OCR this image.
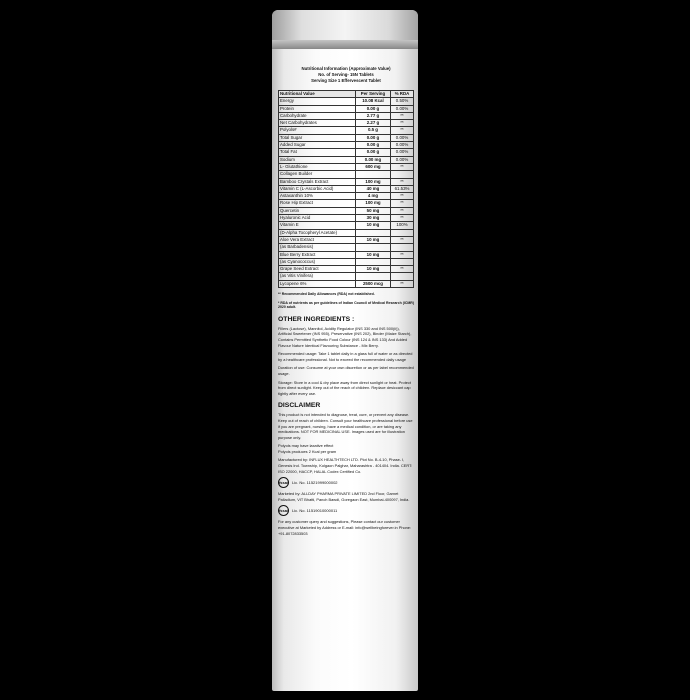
Nutritional Information (Approximate Value)

No. of Serving- 15N Tablets

Serving Size 1 Effervescent Tablet

Nutritional Value	Per Serving	% RDA
Energy	10.08 Kcal	0.50%
Protein	0.00 g	0.00%
Carbohydrate	2.77 g	**
Net Carbohydrates	2.27 g	**
Polyols#	0.5 g	**
Total Sugar	0.00 g	0.00%
Added Sugar	0.00 g	0.00%
Total Fat	0.00 g	0.00%
Sodium	0.00 mg	0.00%
L- Glutathione	600 mg	**
Collagen Builder		
Bamboo Crystals Extract	100 mg	**
Vitamin C (L-Ascorbic Acid)	40 mg	61.53%
Astaxanthin 10%	4 mg	**
Rose Hip Extract	100 mg	**
Quercetin	50 mg	**
Hyaluronic Acid	30 mg	**
Vitamin E	10 mg	100%
(D-Alpha Tocopheryl Acetate)		
Aloe Vera Extract	10 mg	**
(as Barbadensis)		
Blue Berry Extract	10 mg	**
(as Cyanococcus)		
Grape Seed Extract	10 mg	**
(as Vitis Vinifera)		
Lycopene 6%	2500 mcg	**

** Recommended Daily Allowances (RDA) not established.

* RDA of nutrients as per guidelines of Indian Council of Medical Research (ICMR) 2020 adult.

OTHER INGREDIENTS :

Fillers (Lactose), Mannitol, Acidity Regulator (INS 330 and INS 500(ii)), Artificial Sweetener (INS 955), Preservative (INS 202), Binder (Maize Starch), Contains Permitted Synthetic Food Colour (INS 124 & INS 133) And Added Flavour Nature Identical Flavouring Substance - Mix Berry.

Recommended usage: Take 1 tablet daily in a glass full of water or as directed by a healthcare professional. Not to exceed the recommended daily usage

Duration of use: Consume at your own discretion or as per label recommended usage.

Storage: Store in a cool & dry place away from direct sunlight or heat. Protect from direct sunlight. Keep out of the reach of children. Replace desiccant cap tightly after every use.

DISCLAIMER

This product is not intended to diagnose, treat, cure, or prevent any disease. Keep out of reach of children. Consult your healthcare professional before use if you are pregnant, nursing, have a medical condition, or are taking any medications. NOT FOR MEDICINAL USE. Images used are for illustration purpose only.

Polyols may have laxative effect

Polyols produces 2 Kcal per gram

Manufactured by: INFLUX HEALTHTECH LTD. Plot No. B-4-10, Phase- I, Genesis Ind. Township, Kolgaon Palghar, Maharashtra - 401404. India. CERT: ISO 22000, HACCP, HALAL Codex Certified Co.

fssai Lic. No. 11521999000002

Marketed by: ALLDAY PHARMA PRIVATE LIMITED 2nd Floor, Garnet Palladium, VIT Bhatti, Panch Bawdi, Goregaon East, Mumbai-400097, India.

fssai Lic. No. 11519010000011

For any customer query and suggestions, Please contact our customer executive at Marketed by Address or E-mail: info@wellbeingforever.in Phone: +91-8072833503
